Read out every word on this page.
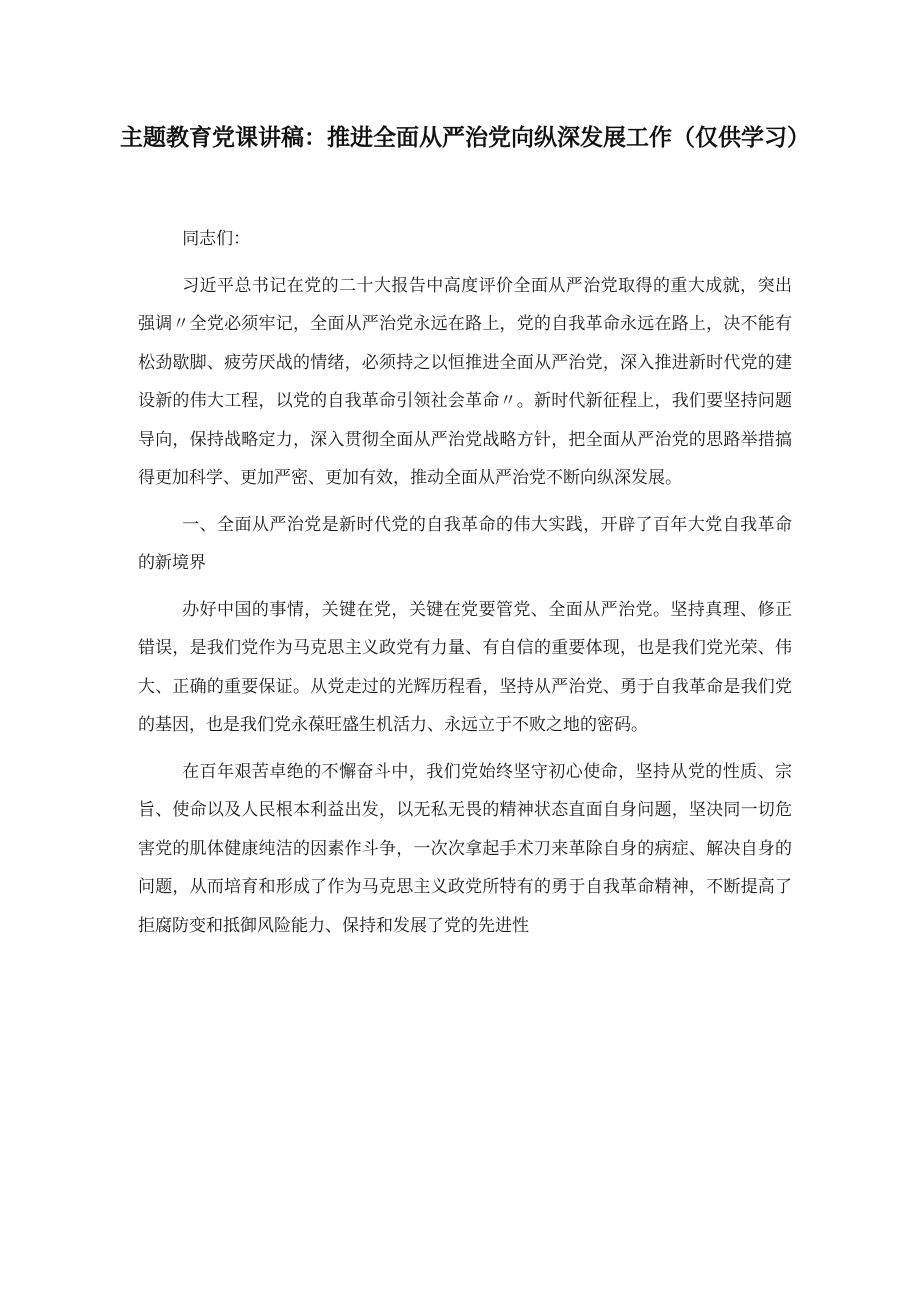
主题教育党课讲稿：推进全面从严治党向纵深发展工作（仅供学习）

同志们：

习近平总书记在党的二十大报告中高度评价全面从严治党取得的重大成就，突出强调〃全党必须牢记，全面从严治党永远在路上，党的自我革命永远在路上，决不能有松劲歇脚、疲劳厌战的情绪，必须持之以恒推进全面从严治党，深入推进新时代党的建设新的伟大工程，以党的自我革命引领社会革命〃。新时代新征程上，我们要坚持问题导向，保持战略定力，深入贯彻全面从严治党战略方针，把全面从严治党的思路举措搞得更加科学、更加严密、更加有效，推动全面从严治党不断向纵深发展。

一、全面从严治党是新时代党的自我革命的伟大实践，开辟了百年大党自我革命的新境界

办好中国的事情，关键在党，关键在党要管党、全面从严治党。坚持真理、修正错误，是我们党作为马克思主义政党有力量、有自信的重要体现，也是我们党光荣、伟大、正确的重要保证。从党走过的光辉历程看，坚持从严治党、勇于自我革命是我们党的基因，也是我们党永葆旺盛生机活力、永远立于不败之地的密码。

在百年艰苦卓绝的不懈奋斗中，我们党始终坚守初心使命，坚持从党的性质、宗旨、使命以及人民根本利益出发，以无私无畏的精神状态直面自身问题，坚决同一切危害党的肌体健康纯洁的因素作斗争，一次次拿起手术刀来革除自身的病症、解决自身的问题，从而培育和形成了作为马克思主义政党所特有的勇于自我革命精神，不断提高了拒腐防变和抵御风险能力、保持和发展了党的先进性
